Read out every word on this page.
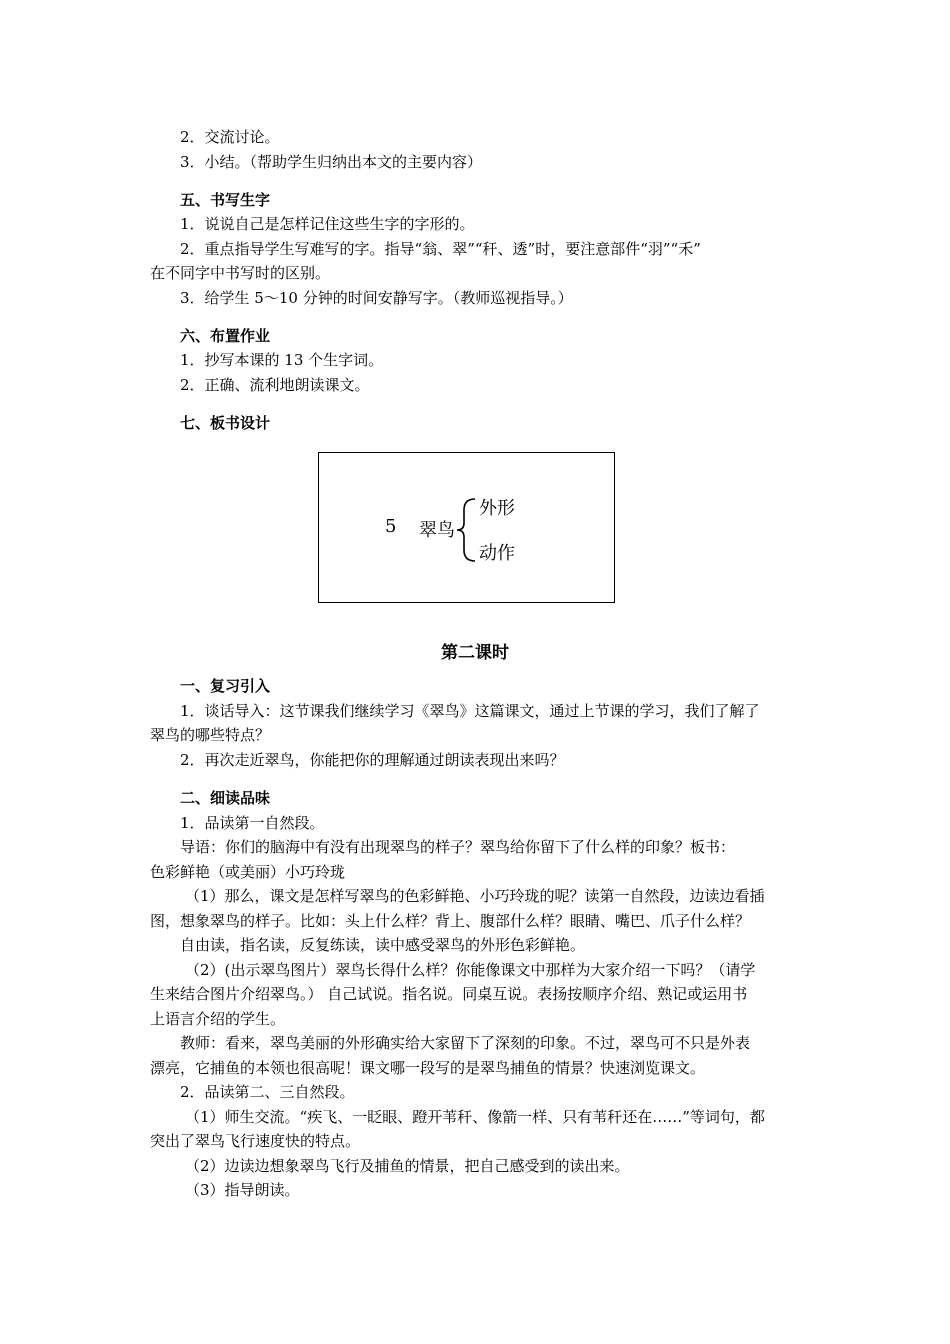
2．交流讨论。
3．小结。（帮助学生归纳出本文的主要内容）
五、书写生字
1．说说自己是怎样记住这些生字的字形的。
2．重点指导学生写难写的字。指导“翁、翠”“秆、透”时，要注意部件“羽”“禾”
在不同字中书写时的区别。
3．给学生 5～10 分钟的时间安静写字。（教师巡视指导。）
六、布置作业
1．抄写本课的 13 个生字词。
2．正确、流利地朗读课文。
七、板书设计
5 翠鸟
外形
动作
第二课时
一、复习引入
1．谈话导入：这节课我们继续学习《翠鸟》这篇课文，通过上节课的学习，我们了解了
翠鸟的哪些特点？
2．再次走近翠鸟，你能把你的理解通过朗读表现出来吗？
二、细读品味
1．品读第一自然段。
导语：你们的脑海中有没有出现翠鸟的样子？翠鸟给你留下了什么样的印象？板书：
色彩鲜艳（或美丽）小巧玲珑
（1）那么，课文是怎样写翠鸟的色彩鲜艳、小巧玲珑的呢？读第一自然段，边读边看插
图，想象翠鸟的样子。比如：头上什么样？背上、腹部什么样？眼睛、嘴巴、爪子什么样？
自由读，指名读，反复练读，读中感受翠鸟的外形色彩鲜艳。
（2）(出示翠鸟图片）翠鸟长得什么样？你能像课文中那样为大家介绍一下吗？（请学
生来结合图片介绍翠鸟。） 自己试说。指名说。同桌互说。表扬按顺序介绍、熟记或运用书
上语言介绍的学生。
教师：看来，翠鸟美丽的外形确实给大家留下了深刻的印象。不过，翠鸟可不只是外表
漂亮，它捕鱼的本领也很高呢！课文哪一段写的是翠鸟捕鱼的情景？快速浏览课文。
2．品读第二、三自然段。
（1）师生交流。“疾飞、一眨眼、蹬开苇秆、像箭一样、只有苇秆还在……”等词句，都
突出了翠鸟飞行速度快的特点。
（2）边读边想象翠鸟飞行及捕鱼的情景，把自己感受到的读出来。
（3）指导朗读。
